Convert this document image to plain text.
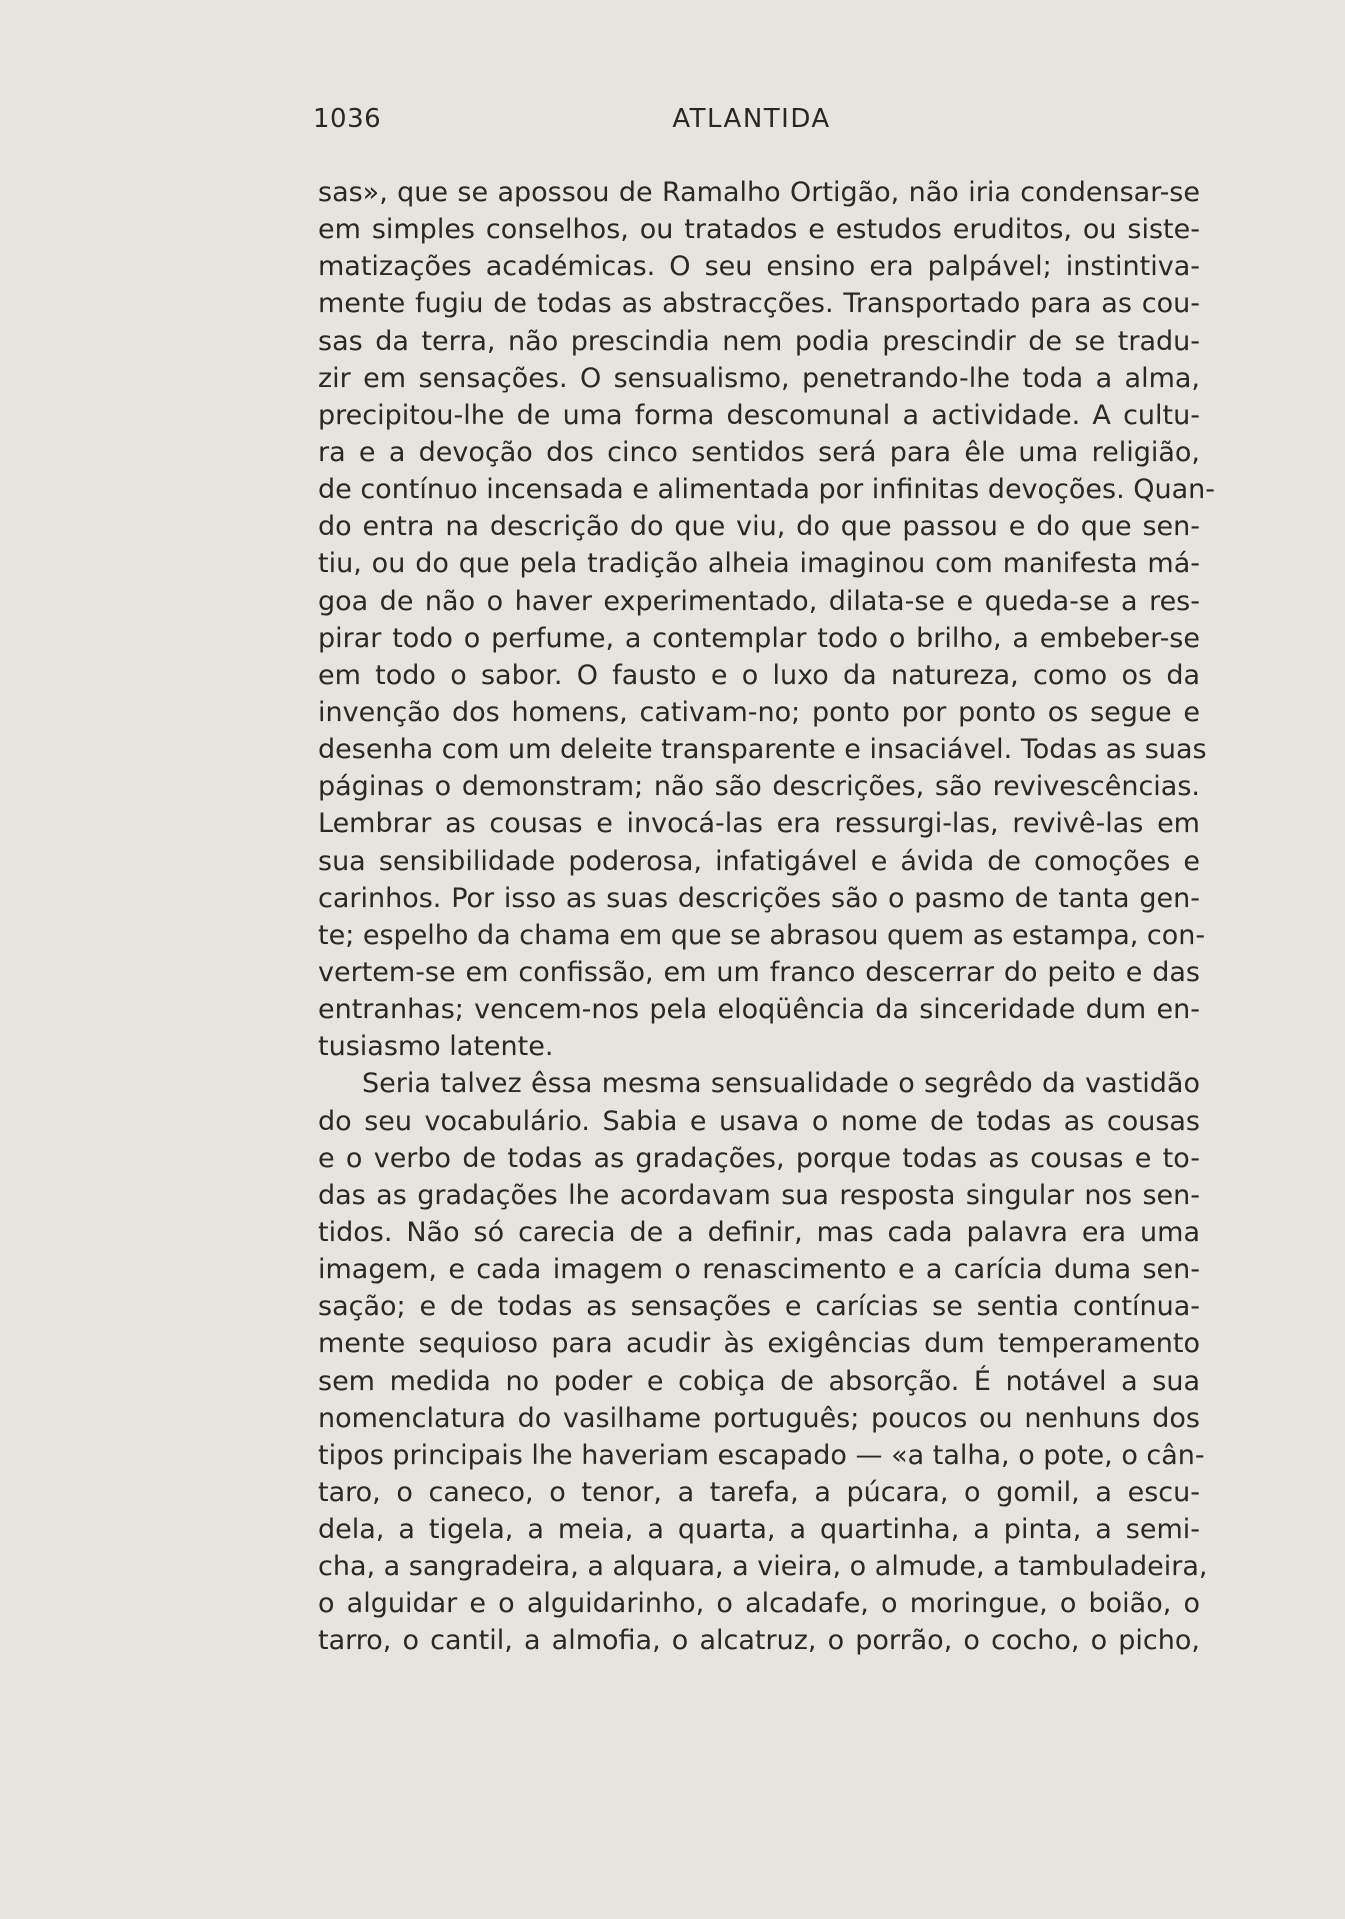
1036	ATLANTIDA
sas», que se apossou de Ramalho Ortigão, não iria condensar-se
em simples conselhos, ou tratados e estudos eruditos, ou siste-
matizações académicas. O seu ensino era palpável; instintiva-
mente fugiu de todas as abstracções. Transportado para as cou-
sas da terra, não prescindia nem podia prescindir de se tradu-
zir em sensações. O sensualismo, penetrando-lhe toda a alma,
precipitou-lhe de uma forma descomunal a actividade. A cultu-
ra e a devoção dos cinco sentidos será para êle uma religião,
de contínuo incensada e alimentada por infinitas devoções. Quan-
do entra na descrição do que viu, do que passou e do que sen-
tiu, ou do que pela tradição alheia imaginou com manifesta má-
goa de não o haver experimentado, dilata-se e queda-se a res-
pirar todo o perfume, a contemplar todo o brilho, a embeber-se
em todo o sabor. O fausto e o luxo da natureza, como os da
invenção dos homens, cativam-no; ponto por ponto os segue e
desenha com um deleite transparente e insaciável. Todas as suas
páginas o demonstram; não são descrições, são revivescências.
Lembrar as cousas e invocá-las era ressurgi-las, revivê-las em
sua sensibilidade poderosa, infatigável e ávida de comoções e
carinhos. Por isso as suas descrições são o pasmo de tanta gen-
te; espelho da chama em que se abrasou quem as estampa, con-
vertem-se em confissão, em um franco descerrar do peito e das
entranhas; vencem-nos pela eloqüência da sinceridade dum en-
tusiasmo latente.
Seria talvez êssa mesma sensualidade o segrêdo da vastidão
do seu vocabulário. Sabia e usava o nome de todas as cousas
e o verbo de todas as gradações, porque todas as cousas e to-
das as gradações lhe acordavam sua resposta singular nos sen-
tidos. Não só carecia de a definir, mas cada palavra era uma
imagem, e cada imagem o renascimento e a carícia duma sen-
sação; e de todas as sensações e carícias se sentia contínua-
mente sequioso para acudir às exigências dum temperamento
sem medida no poder e cobiça de absorção. É notável a sua
nomenclatura do vasilhame português; poucos ou nenhuns dos
tipos principais lhe haveriam escapado — «a talha, o pote, o cân-
taro, o caneco, o tenor, a tarefa, a púcara, o gomil, a escu-
dela, a tigela, a meia, a quarta, a quartinha, a pinta, a semi-
cha, a sangradeira, a alquara, a vieira, o almude, a tambuladeira,
o alguidar e o alguidarinho, o alcadafe, o moringue, o boião, o
tarro, o cantil, a almofia, o alcatruz, o porrão, o cocho, o picho,
